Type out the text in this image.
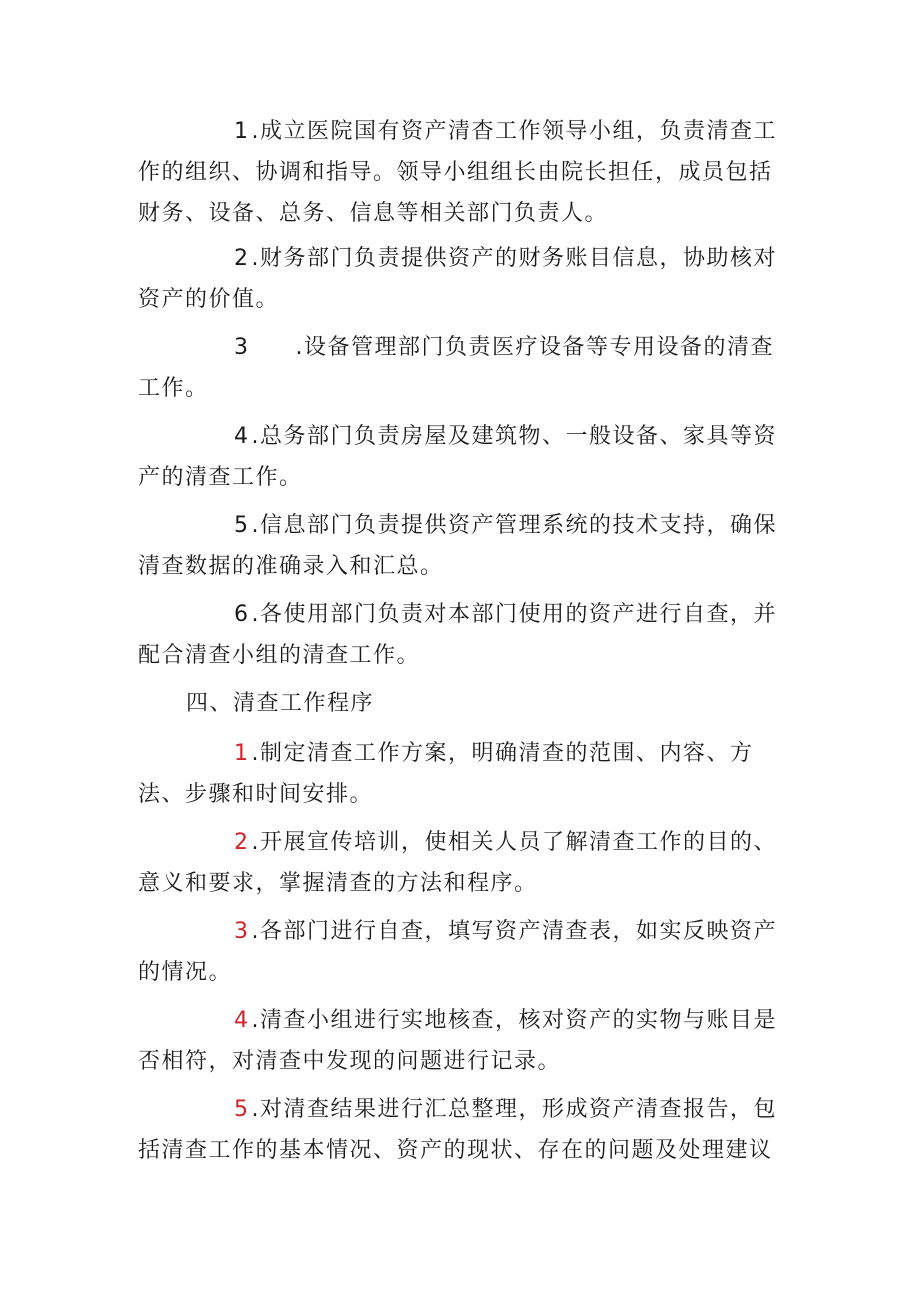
1.成立医院国有资产清杳工作领导小组，负责清查工作的组织、协调和指导。领导小组组长由院长担任，成员包括财务、设备、总务、信息等相关部门负责人。

2.财务部门负责提供资产的财务账目信息，协助核对资产的价值。

3 .设备管理部门负责医疗设备等专用设备的清查工作。

4.总务部门负责房屋及建筑物、一般设备、家具等资产的清查工作。

5.信息部门负责提供资产管理系统的技术支持，确保清查数据的准确录入和汇总。

6.各使用部门负责对本部门使用的资产进行自查，并配合清查小组的清查工作。

四、清查工作程序

1.制定清查工作方案，明确清查的范围、内容、方法、步骤和时间安排。

2.开展宣传培训，使相关人员了解清查工作的目的、意义和要求，掌握清查的方法和程序。

3.各部门进行自查，填写资产清查表，如实反映资产的情况。

4.清查小组进行实地核查，核对资产的实物与账目是否相符，对清查中发现的问题进行记录。

5.对清查结果进行汇总整理，形成资产清查报告，包括清查工作的基本情况、资产的现状、存在的问题及处理建议
